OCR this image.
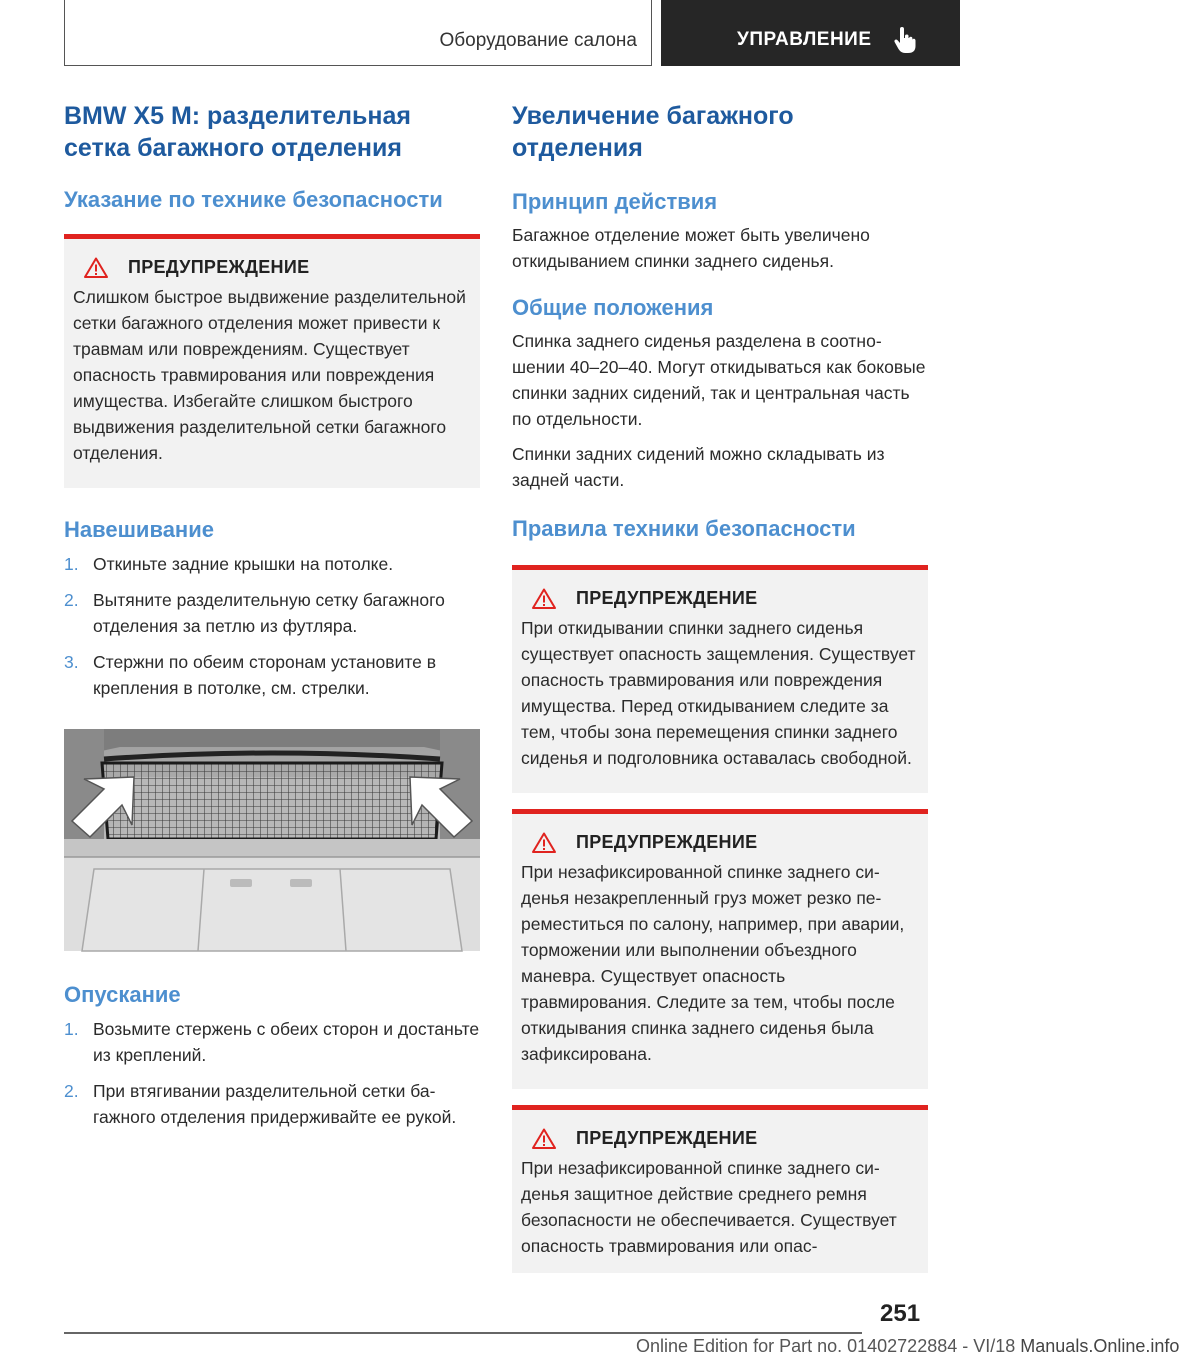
Оборудование салона	УПРАВЛЕНИЕ
BMW X5 M: разделительная сетка багажного отделения
Указание по технике безопасности
ПРЕДУПРЕЖДЕНИЕ
Слишком быстрое выдвижение разделительной сетки багажного отделения может привести к травмам или повреждениям. Существует опасность травмирования или повреждения имущества. Избегайте слишком быстрого выдвижения разделительной сетки багажного отделения.
Навешивание
1. Откиньте задние крышки на потолке.
2. Вытяните разделительную сетку багажного отделения за петлю из футляра.
3. Стержни по обеим сторонам установите в крепления в потолке, см. стрелки.
Опускание
1. Возьмите стержень с обеих сторон и достаньте из креплений.
2. При втягивании разделительной сетки багажного отделения придерживайте ее рукой.
Увеличение багажного отделения
Принцип действия
Багажное отделение может быть увеличено откидыванием спинки заднего сиденья.
Общие положения
Спинка заднего сиденья разделена в соотношении 40–20–40. Могут откидываться как боковые спинки задних сидений, так и центральная часть по отдельности.
Спинки задних сидений можно складывать из задней части.
Правила техники безопасности
ПРЕДУПРЕЖДЕНИЕ
При откидывании спинки заднего сиденья существует опасность защемления. Существует опасность травмирования или повреждения имущества. Перед откидыванием следите за тем, чтобы зона перемещения спинки заднего сиденья и подголовника оставалась свободной.
ПРЕДУПРЕЖДЕНИЕ
При незафиксированной спинке заднего сиденья незакрепленный груз может резко переместиться по салону, например, при аварии, торможении или выполнении объездного маневра. Существует опасность травмирования. Следите за тем, чтобы после откидывания спинка заднего сиденья была зафиксирована.
ПРЕДУПРЕЖДЕНИЕ
При незафиксированной спинке заднего сиденья защитное действие среднего ремня безопасности не обеспечивается. Существует опасность травмирования или опас-
251
Online Edition for Part no. 01402722884 - VI/18 Manuals.Online.info
